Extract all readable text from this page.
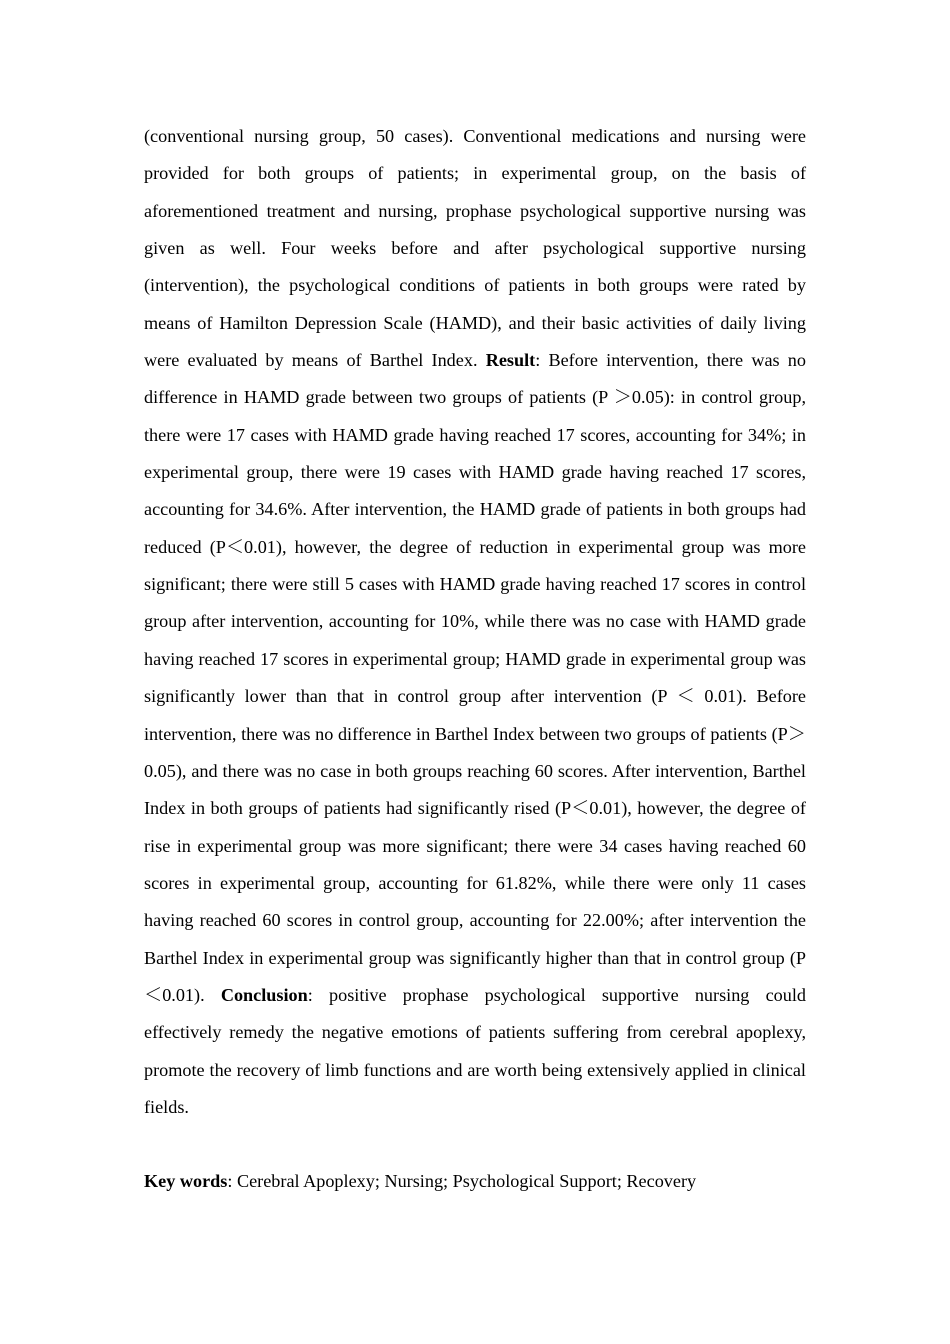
(conventional nursing group, 50 cases). Conventional medications and nursing were provided for both groups of patients; in experimental group, on the basis of aforementioned treatment and nursing, prophase psychological supportive nursing was given as well. Four weeks before and after psychological supportive nursing (intervention), the psychological conditions of patients in both groups were rated by means of Hamilton Depression Scale (HAMD), and their basic activities of daily living were evaluated by means of Barthel Index. Result: Before intervention, there was no difference in HAMD grade between two groups of patients (P ＞0.05): in control group, there were 17 cases with HAMD grade having reached 17 scores, accounting for 34%; in experimental group, there were 19 cases with HAMD grade having reached 17 scores, accounting for 34.6%. After intervention, the HAMD grade of patients in both groups had reduced (P＜0.01), however, the degree of reduction in experimental group was more significant; there were still 5 cases with HAMD grade having reached 17 scores in control group after intervention, accounting for 10%, while there was no case with HAMD grade having reached 17 scores in experimental group; HAMD grade in experimental group was significantly lower than that in control group after intervention (P ＜ 0.01). Before intervention, there was no difference in Barthel Index between two groups of patients (P＞0.05), and there was no case in both groups reaching 60 scores. After intervention, Barthel Index in both groups of patients had significantly rised (P＜0.01), however, the degree of rise in experimental group was more significant; there were 34 cases having reached 60 scores in experimental group, accounting for 61.82%, while there were only 11 cases having reached 60 scores in control group, accounting for 22.00%; after intervention the Barthel Index in experimental group was significantly higher than that in control group (P＜0.01). Conclusion: positive prophase psychological supportive nursing could effectively remedy the negative emotions of patients suffering from cerebral apoplexy, promote the recovery of limb functions and are worth being extensively applied in clinical fields.

Key words: Cerebral Apoplexy; Nursing; Psychological Support; Recovery
